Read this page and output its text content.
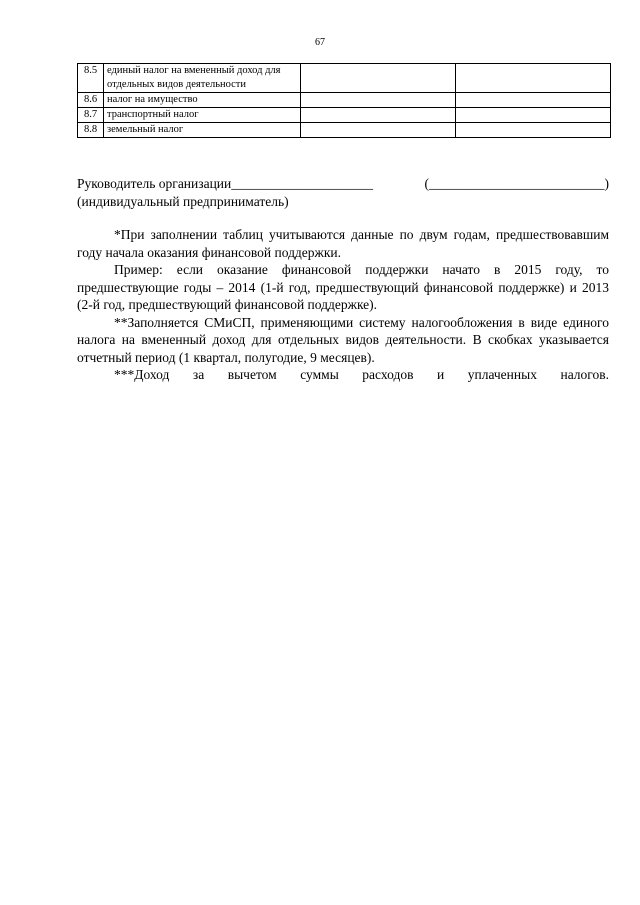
67
8.5	единый налог на вмененный доход для отдельных видов деятельности		
8.6	налог на имущество		
8.7	транспортный налог		
8.8	земельный налог		
Руководитель организации_____________________	(__________________________)
(индивидуальный предприниматель)

*При заполнении таблиц учитываются данные по двум годам, предшествовавшим году начала оказания финансовой поддержки.

Пример: если оказание финансовой поддержки начато в 2015 году, то предшествующие годы – 2014 (1-й год, предшествующий финансовой поддержке) и 2013 (2-й год, предшествующий финансовой поддержке).

**Заполняется СМиСП, применяющими систему налогообложения в виде единого налога на вмененный доход для отдельных видов деятельности. В скобках указывается отчетный период (1 квартал, полугодие, 9 месяцев).

***Доход за вычетом суммы расходов и уплаченных налогов.
